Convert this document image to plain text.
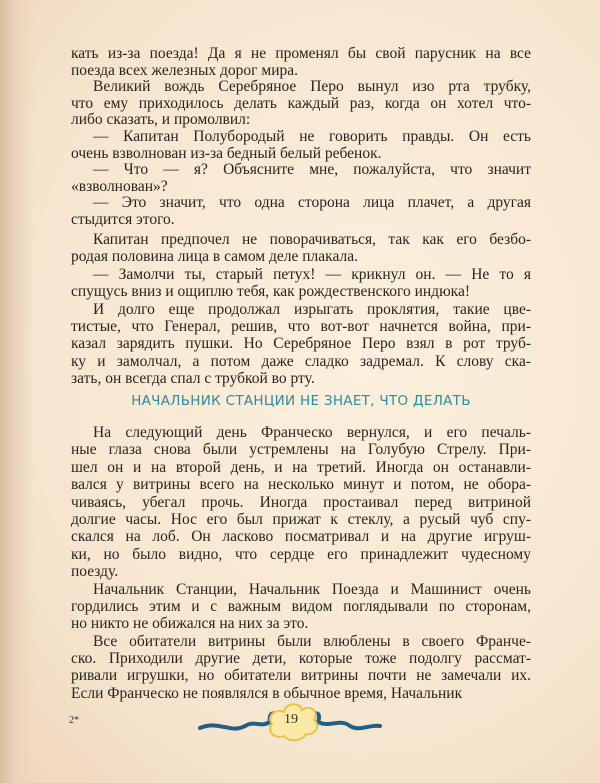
кать из-за поезда! Да я не променял бы свой парусник на все
поезда всех железных дорог мира.
Великий вождь Серебряное Перо вынул изо рта трубку,
что ему приходилось делать каждый раз, когда он хотел что-
либо сказать, и промолвил:
— Капитан Полубородый не говорить правды. Он есть
очень взволнован из-за бедный белый ребенок.
— Что — я? Объясните мне, пожалуйста, что значит
«взволнован»?
— Это значит, что одна сторона лица плачет, а другая
стыдится этого.
Капитан предпочел не поворачиваться, так как его безбо-
родая половина лица в самом деле плакала.
— Замолчи ты, старый петух! — крикнул он. — Не то я
спущусь вниз и ощиплю тебя, как рождественского индюка!
И долго еще продолжал изрыгать проклятия, такие цве-
тистые, что Генерал, решив, что вот-вот начнется война, при-
казал зарядить пушки. Но Серебряное Перо взял в рот труб-
ку и замолчал, а потом даже сладко задремал. К слову ска-
зать, он всегда спал с трубкой во рту.
НАЧАЛЬНИК СТАНЦИИ НЕ ЗНАЕТ, ЧТО ДЕЛАТЬ
На следующий день Франческо вернулся, и его печаль-
ные глаза снова были устремлены на Голубую Стрелу. При-
шел он и на второй день, и на третий. Иногда он останавли-
вался у витрины всего на несколько минут и потом, не обора-
чиваясь, убегал прочь. Иногда простаивал перед витриной
долгие часы. Нос его был прижат к стеклу, а русый чуб спу-
скался на лоб. Он ласково посматривал и на другие игруш-
ки, но было видно, что сердце его принадлежит чудесному
поезду.
Начальник Станции, Начальник Поезда и Машинист очень
гордились этим и с важным видом поглядывали по сторонам,
но никто не обижался на них за это.
Все обитатели витрины были влюблены в своего Франче-
ско. Приходили другие дети, которые тоже подолгу рассмат-
ривали игрушки, но обитатели витрины почти не замечали их.
Если Франческо не появлялся в обычное время, Начальник
2*	19
